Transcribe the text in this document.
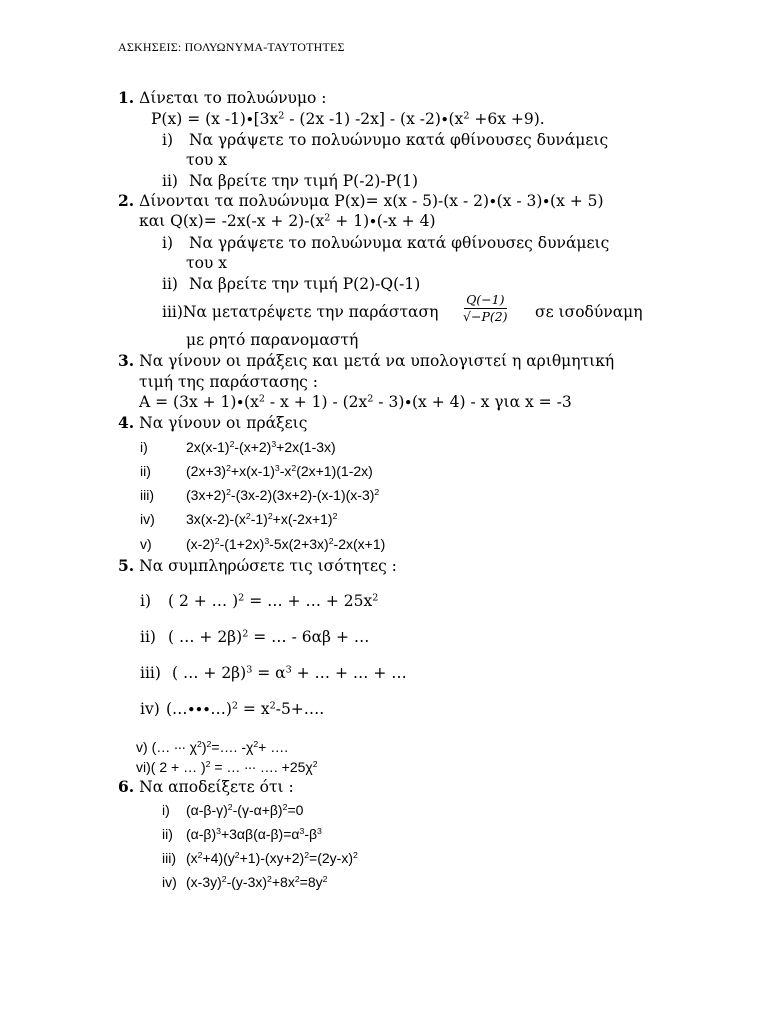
ΑΣΚΗΣΕΙΣ: ΠΟΛΥΩΝΥΜΑ-ΤΑΥΤΟΤΗΤΕΣ
1. Δίνεται το πολυώνυμο :
P(x) = (x $-1)\cdot[3x^2 - (2x$ -1) -2x] - (x $-2)\cdot(x^2 +6x +9)$.
i) Να γράψετε το πολυώνυμο κατά φθίνουσες δυνάμεις
του x
ii) Να βρείτε την τιμή P(-2)-P(1)
2. Δίνονται τα πολυώνυμα P(x)= x(x - 5)-(x - 2)∙(x - 3)∙(x + 5)
και $Q(x)= -2x(-x + 2)-(x^2 + 1)\cdot(-x + 4)$
i) Να γράψετε το πολυώνυμα κατά φθίνουσες δυνάμεις
του x
ii) Να βρείτε την τιμή P(2)-Q(-1)
iii)Να μετατρέψετε την παράσταση $\frac{Q(-1)}{√-P(2)}$ σε ισοδύναμη
με ρητό παρανομαστή
3. Να γίνουν οι πράξεις και μετά να υπολογιστεί η αριθμητική
τιμή της παράστασης :
$A = (3x + 1)\cdot(x^2 - x + 1) - (2x^2 - 3)\cdot(x + 4) - x$ για x = -3
4. Να γίνουν οι πράξεις
i)	$2x(x-1)^2-(x+2)^3+2x(1-3x)$
ii)	$(2x+3)^2+x(x-1)^3-x^2(2x+1)(1-2x)$
iii) $(3x+2)^2-(3x-2)(3x+2)-(x-1)(x-3)^2$
iv) $3x(x-2)-(x^2-1)^2+x(-2x+1)^2$
v) $(x-2)^2-(1+2x)^3-5x(2+3x)^2-2x(x+1)$
5. Να συμπληρώσετε τις ισότητες :
i) ( 2 + … )$^2$ = … + … + $25x^2$
ii) ( … + 2β)$^2$ = … - 6αβ + …
iii) ( … + $2\beta)^3 = \alpha^3$ + … + … + …
iv) (…∙∙∙…)$^2$ = $x^2-5+\dots$.
v) (… ∙∙∙ $\chi^2)^2=\dots$. $-\chi^2+$ ….
vi)( 2 + … )$^2$ = … ∙∙∙ …. $+25\chi^2$
6. Να αποδείξετε ότι :
i) $(\alpha-\beta-\gamma)^2-(\gamma-\alpha+\beta)^2=0$
ii) $(\alpha-\beta)^3+3\alpha\beta(\alpha-\beta)=\alpha^3-\beta^3$
iii) $(x^2+4)(y^2+1)-(xy+2)^2=(2y-x)^2$
iv) $(x-3y)^2-(y-3x)^2+8x^2=8y^2$
